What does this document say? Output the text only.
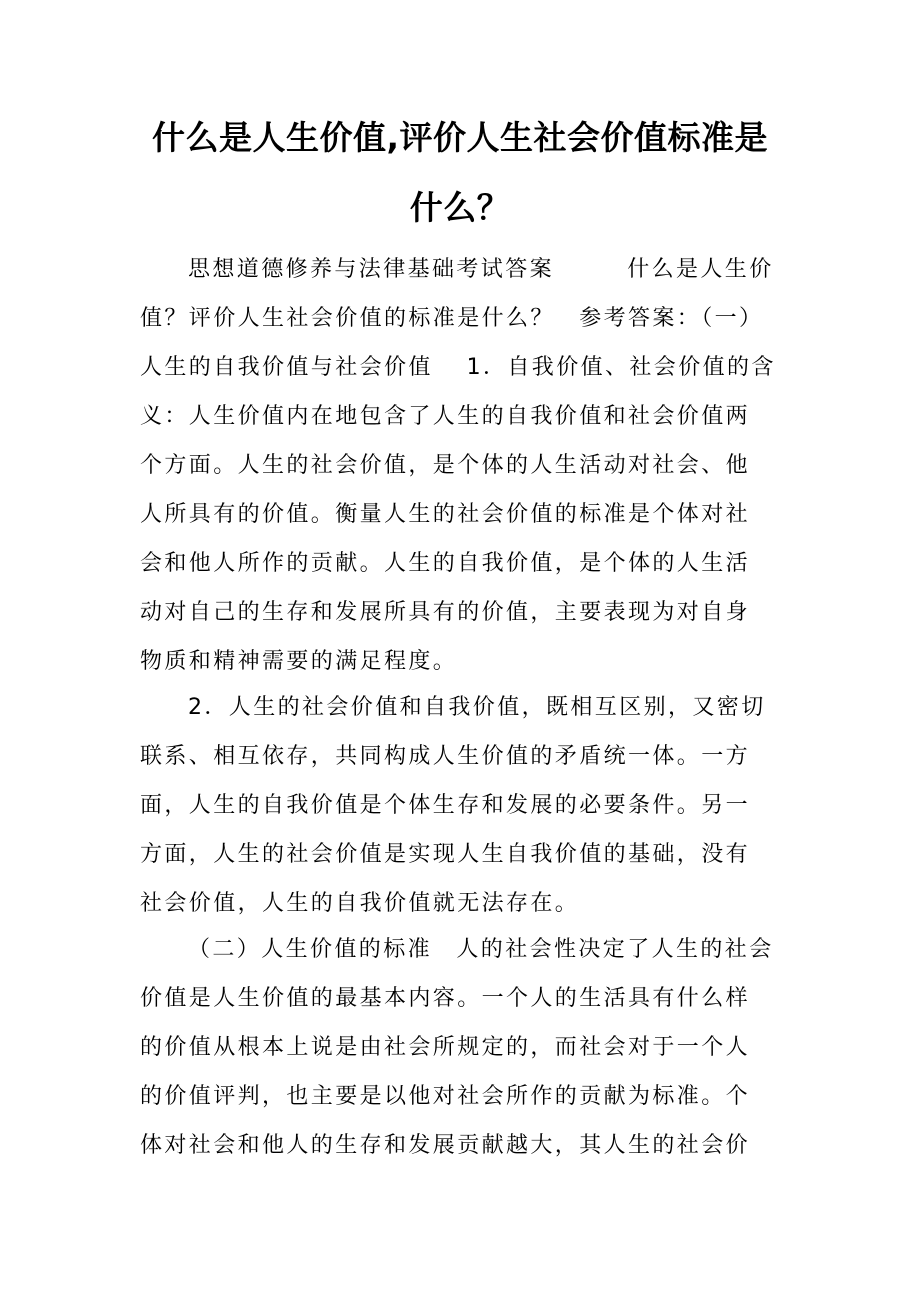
什么是人生价值,评价人生社会价值标准是
什么？
思想道德修养与法律基础考试答案　　　什么是人生价
值？评价人生社会价值的标准是什么？　参考答案：（一）
人生的自我价值与社会价值　 1．自我价值、社会价值的含
义：人生价值内在地包含了人生的自我价值和社会价值两
个方面。人生的社会价值，是个体的人生活动对社会、他
人所具有的价值。衡量人生的社会价值的标准是个体对社
会和他人所作的贡献。人生的自我价值，是个体的人生活
动对自己的生存和发展所具有的价值，主要表现为对自身
物质和精神需要的满足程度。
2．人生的社会价值和自我价值，既相互区别，又密切
联系、相互依存，共同构成人生价值的矛盾统一体。一方
面，人生的自我价值是个体生存和发展的必要条件。另一
方面，人生的社会价值是实现人生自我价值的基础，没有
社会价值，人生的自我价值就无法存在。
（二）人生价值的标准　人的社会性决定了人生的社会
价值是人生价值的最基本内容。一个人的生活具有什么样
的价值从根本上说是由社会所规定的，而社会对于一个人
的价值评判，也主要是以他对社会所作的贡献为标准。个
体对社会和他人的生存和发展贡献越大，其人生的社会价
